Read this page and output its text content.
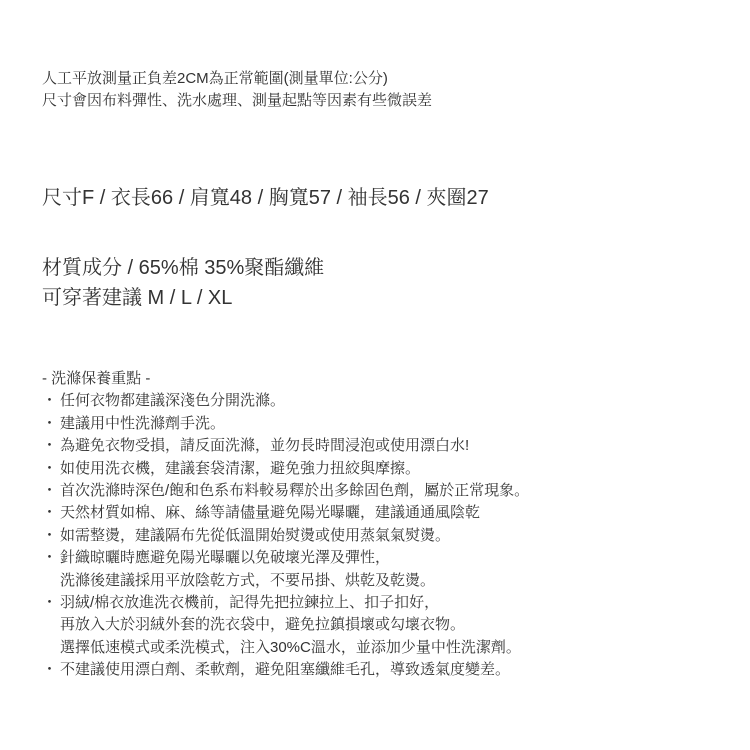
人工平放測量正負差2CM為正常範圍(測量單位:公分)
尺寸會因布料彈性、洗水處理、測量起點等因素有些微誤差
尺寸F / 衣長66 / 肩寬48 / 胸寬57 / 袖長56 / 夾圈27
材質成分 / 65%棉 35%聚酯纖維
可穿著建議 M / L / XL
- 洗滌保養重點 -
・ 任何衣物都建議深淺色分開洗滌。
・ 建議用中性洗滌劑手洗。
・ 為避免衣物受損，請反面洗滌，並勿長時間浸泡或使用漂白水!
・ 如使用洗衣機，建議套袋清潔，避免強力扭絞與摩擦。
・ 首次洗滌時深色/飽和色系布料較易釋於出多餘固色劑，屬於正常現象。
・ 天然材質如棉、麻、絲等請儘量避免陽光曝曬，建議通通風陰乾
・ 如需整燙，建議隔布先從低溫開始熨燙或使用蒸氣氣熨燙。
・ 針織晾曬時應避免陽光曝曬以免破壞光澤及彈性，
洗滌後建議採用平放陰乾方式，不要吊掛、烘乾及乾燙。
・ 羽絨/棉衣放進洗衣機前，記得先把拉鍊拉上、扣子扣好，
再放入大於羽絨外套的洗衣袋中，避免拉鎮損壞或勾壞衣物。
選擇低速模式或柔洗模式，注入30%C溫水，並添加少量中性洗潔劑。
・ 不建議使用漂白劑、柔軟劑，避免阻塞纖維毛孔，導致透氣度變差。
